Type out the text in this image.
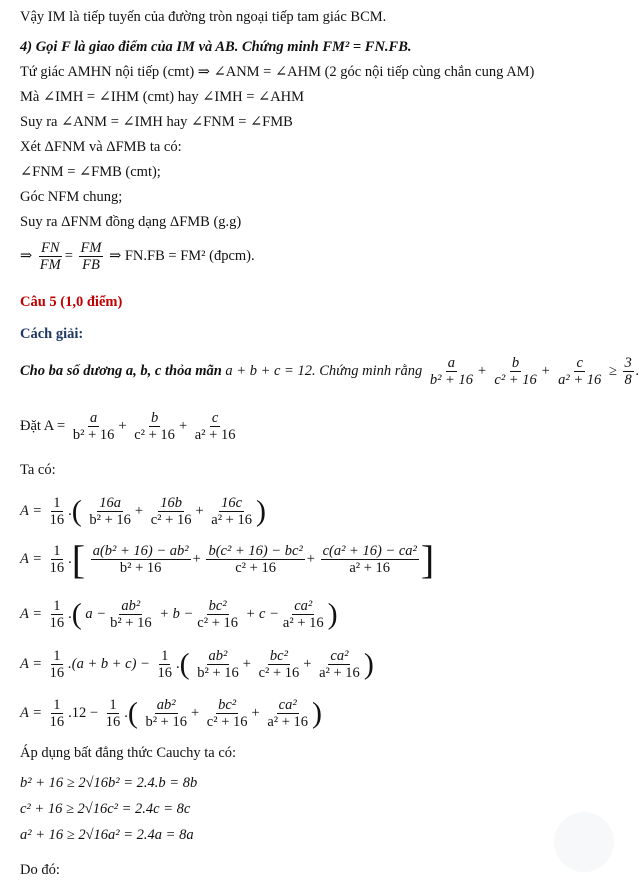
Vậy IM là tiếp tuyến của đường tròn ngoại tiếp tam giác BCM.
4) Gọi F là giao điểm của IM và AB. Chứng minh FM² = FN.FB.
Tứ giác AMHN nội tiếp (cmt) ⇒ ∠ANM = ∠AHM (2 góc nội tiếp cùng chắn cung AM)
Mà ∠IMH = ∠IHM (cmt) hay ∠IMH = ∠AHM
Suy ra ∠ANM = ∠IMH hay ∠FNM = ∠FMB
Xét ΔFNM và ΔFMB ta có:
∠FNM = ∠FMB (cmt);
Góc NFM chung;
Suy ra ΔFNM đồng dạng ΔFMB (g.g)
⇒ $\frac{FN}{FM} = \frac{FM}{FB}$ ⇒ FN.FB = FM² (đpcm).
Câu 5 (1,0 điểm)
Cách giải:
Cho ba số dương a, b, c thỏa mãn a + b + c = 12. Chứng minh rằng $\frac{a}{\text{b² + 16}} + \frac{b}{\text{c² + 16}} + \frac{c}{\text{a² + 16}} \ge \frac{3}{8}$
Đặt $A = \frac{a}{\text{b² + 16}} + \frac{b}{\text{c² + 16}} + \frac{c}{\text{a² + 16}}$
Ta có:
$A = \frac{1}{16}$ .( $\frac{16a}{\text{b² + 16}} + \frac{16b}{\text{c² + 16}} + \frac{16c}{\text{a² + 16}}$ )
$A = \frac{1}{16}$ .[ $\frac{\text{a(b² + 16) − ab²}}{\text{b² + 16}} + \frac{\text{b(c² + 16) − bc²}}{\text{c² + 16}} + \frac{\text{c(a² + 16) − ca²}}{\text{a² + 16}}$ ]
$A = \frac{1}{16}$ .( $a - \frac{\text{ab²}}{\text{b² + 16}} + b - \frac{\text{bc²}}{\text{c² + 16}} + c - \frac{\text{ca²}}{\text{a² + 16}}$ )
$A = \frac{1}{16} .(a + b + c) - \frac{1}{16}$ .( $\frac{\text{ab²}}{\text{b² + 16}} + \frac{\text{bc²}}{\text{c² + 16}} + \frac{\text{ca²}}{\text{a² + 16}}$ )
$A = \frac{1}{16} .12 - \frac{1}{16}$ .( $\frac{\text{ab²}}{\text{b² + 16}} + \frac{\text{bc²}}{\text{c² + 16}} + \frac{\text{ca²}}{\text{a² + 16}}$ )
Áp dụng bất đẳng thức Cauchy ta có:
b² + 16 ≥ 2√16b² = 2.4.b = 8b
c² + 16 ≥ 2√16c² = 2.4c = 8c
a² + 16 ≥ 2√16a² = 2.4a = 8a
Do đó:
